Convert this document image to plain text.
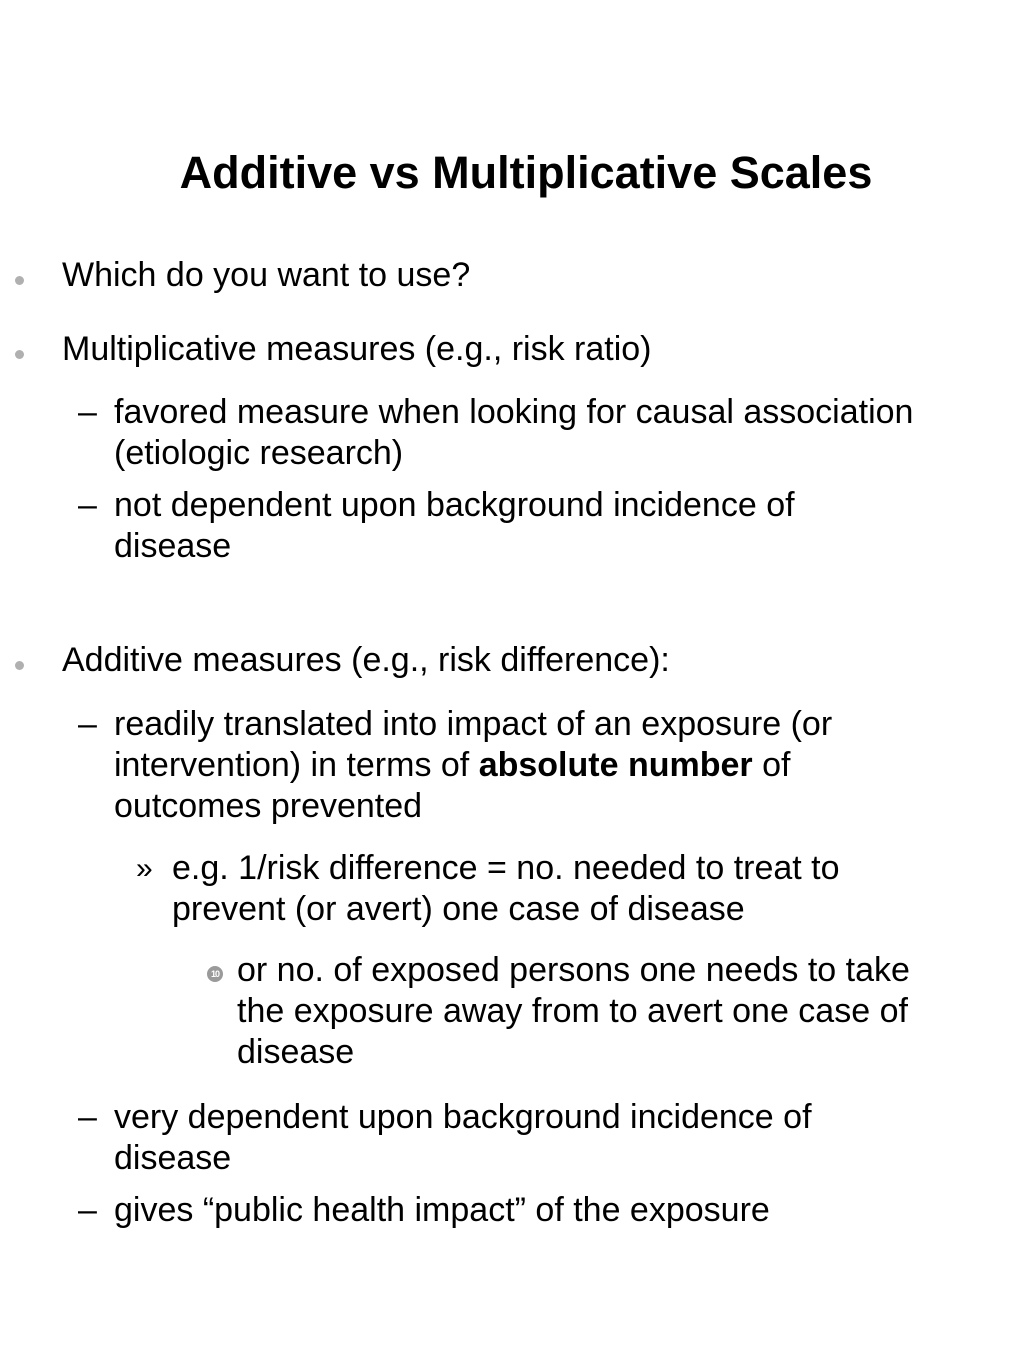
Additive vs Multiplicative Scales
Which do you want to use?
Multiplicative measures (e.g., risk ratio)
– favored measure when looking for causal association
(etiologic research)
– not dependent upon background incidence of
disease
Additive measures (e.g., risk difference):
– readily translated into impact of an exposure (or
intervention) in terms of absolute number of
outcomes prevented
» e.g. 1/risk difference = no. needed to treat to
prevent (or avert) one case of disease
10 or no. of exposed persons one needs to take
the exposure away from to avert one case of
disease
– very dependent upon background incidence of
disease
– gives “public health impact” of the exposure
